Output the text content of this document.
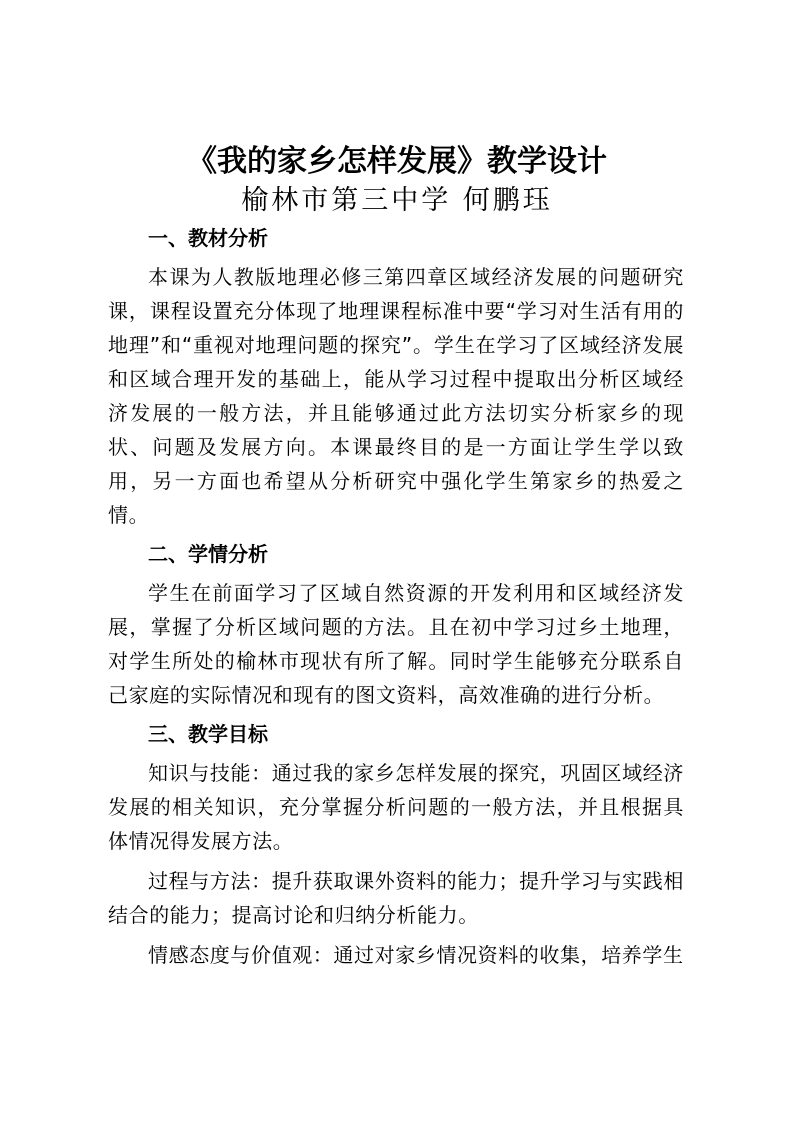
《我的家乡怎样发展》教学设计
榆林市第三中学 何鹏珏
一、教材分析

本课为人教版地理必修三第四章区域经济发展的问题研究课，课程设置充分体现了地理课程标准中要“学习对生活有用的地理”和“重视对地理问题的探究”。学生在学习了区域经济发展和区域合理开发的基础上，能从学习过程中提取出分析区域经济发展的一般方法，并且能够通过此方法切实分析家乡的现状、问题及发展方向。本课最终目的是一方面让学生学以致用，另一方面也希望从分析研究中强化学生第家乡的热爱之情。

二、学情分析

学生在前面学习了区域自然资源的开发利用和区域经济发展，掌握了分析区域问题的方法。且在初中学习过乡土地理，对学生所处的榆林市现状有所了解。同时学生能够充分联系自己家庭的实际情况和现有的图文资料，高效准确的进行分析。

三、教学目标

知识与技能：通过我的家乡怎样发展的探究，巩固区域经济发展的相关知识，充分掌握分析问题的一般方法，并且根据具体情况得发展方法。

过程与方法：提升获取课外资料的能力；提升学习与实践相结合的能力；提高讨论和归纳分析能力。

情感态度与价值观：通过对家乡情况资料的收集，培养学生
